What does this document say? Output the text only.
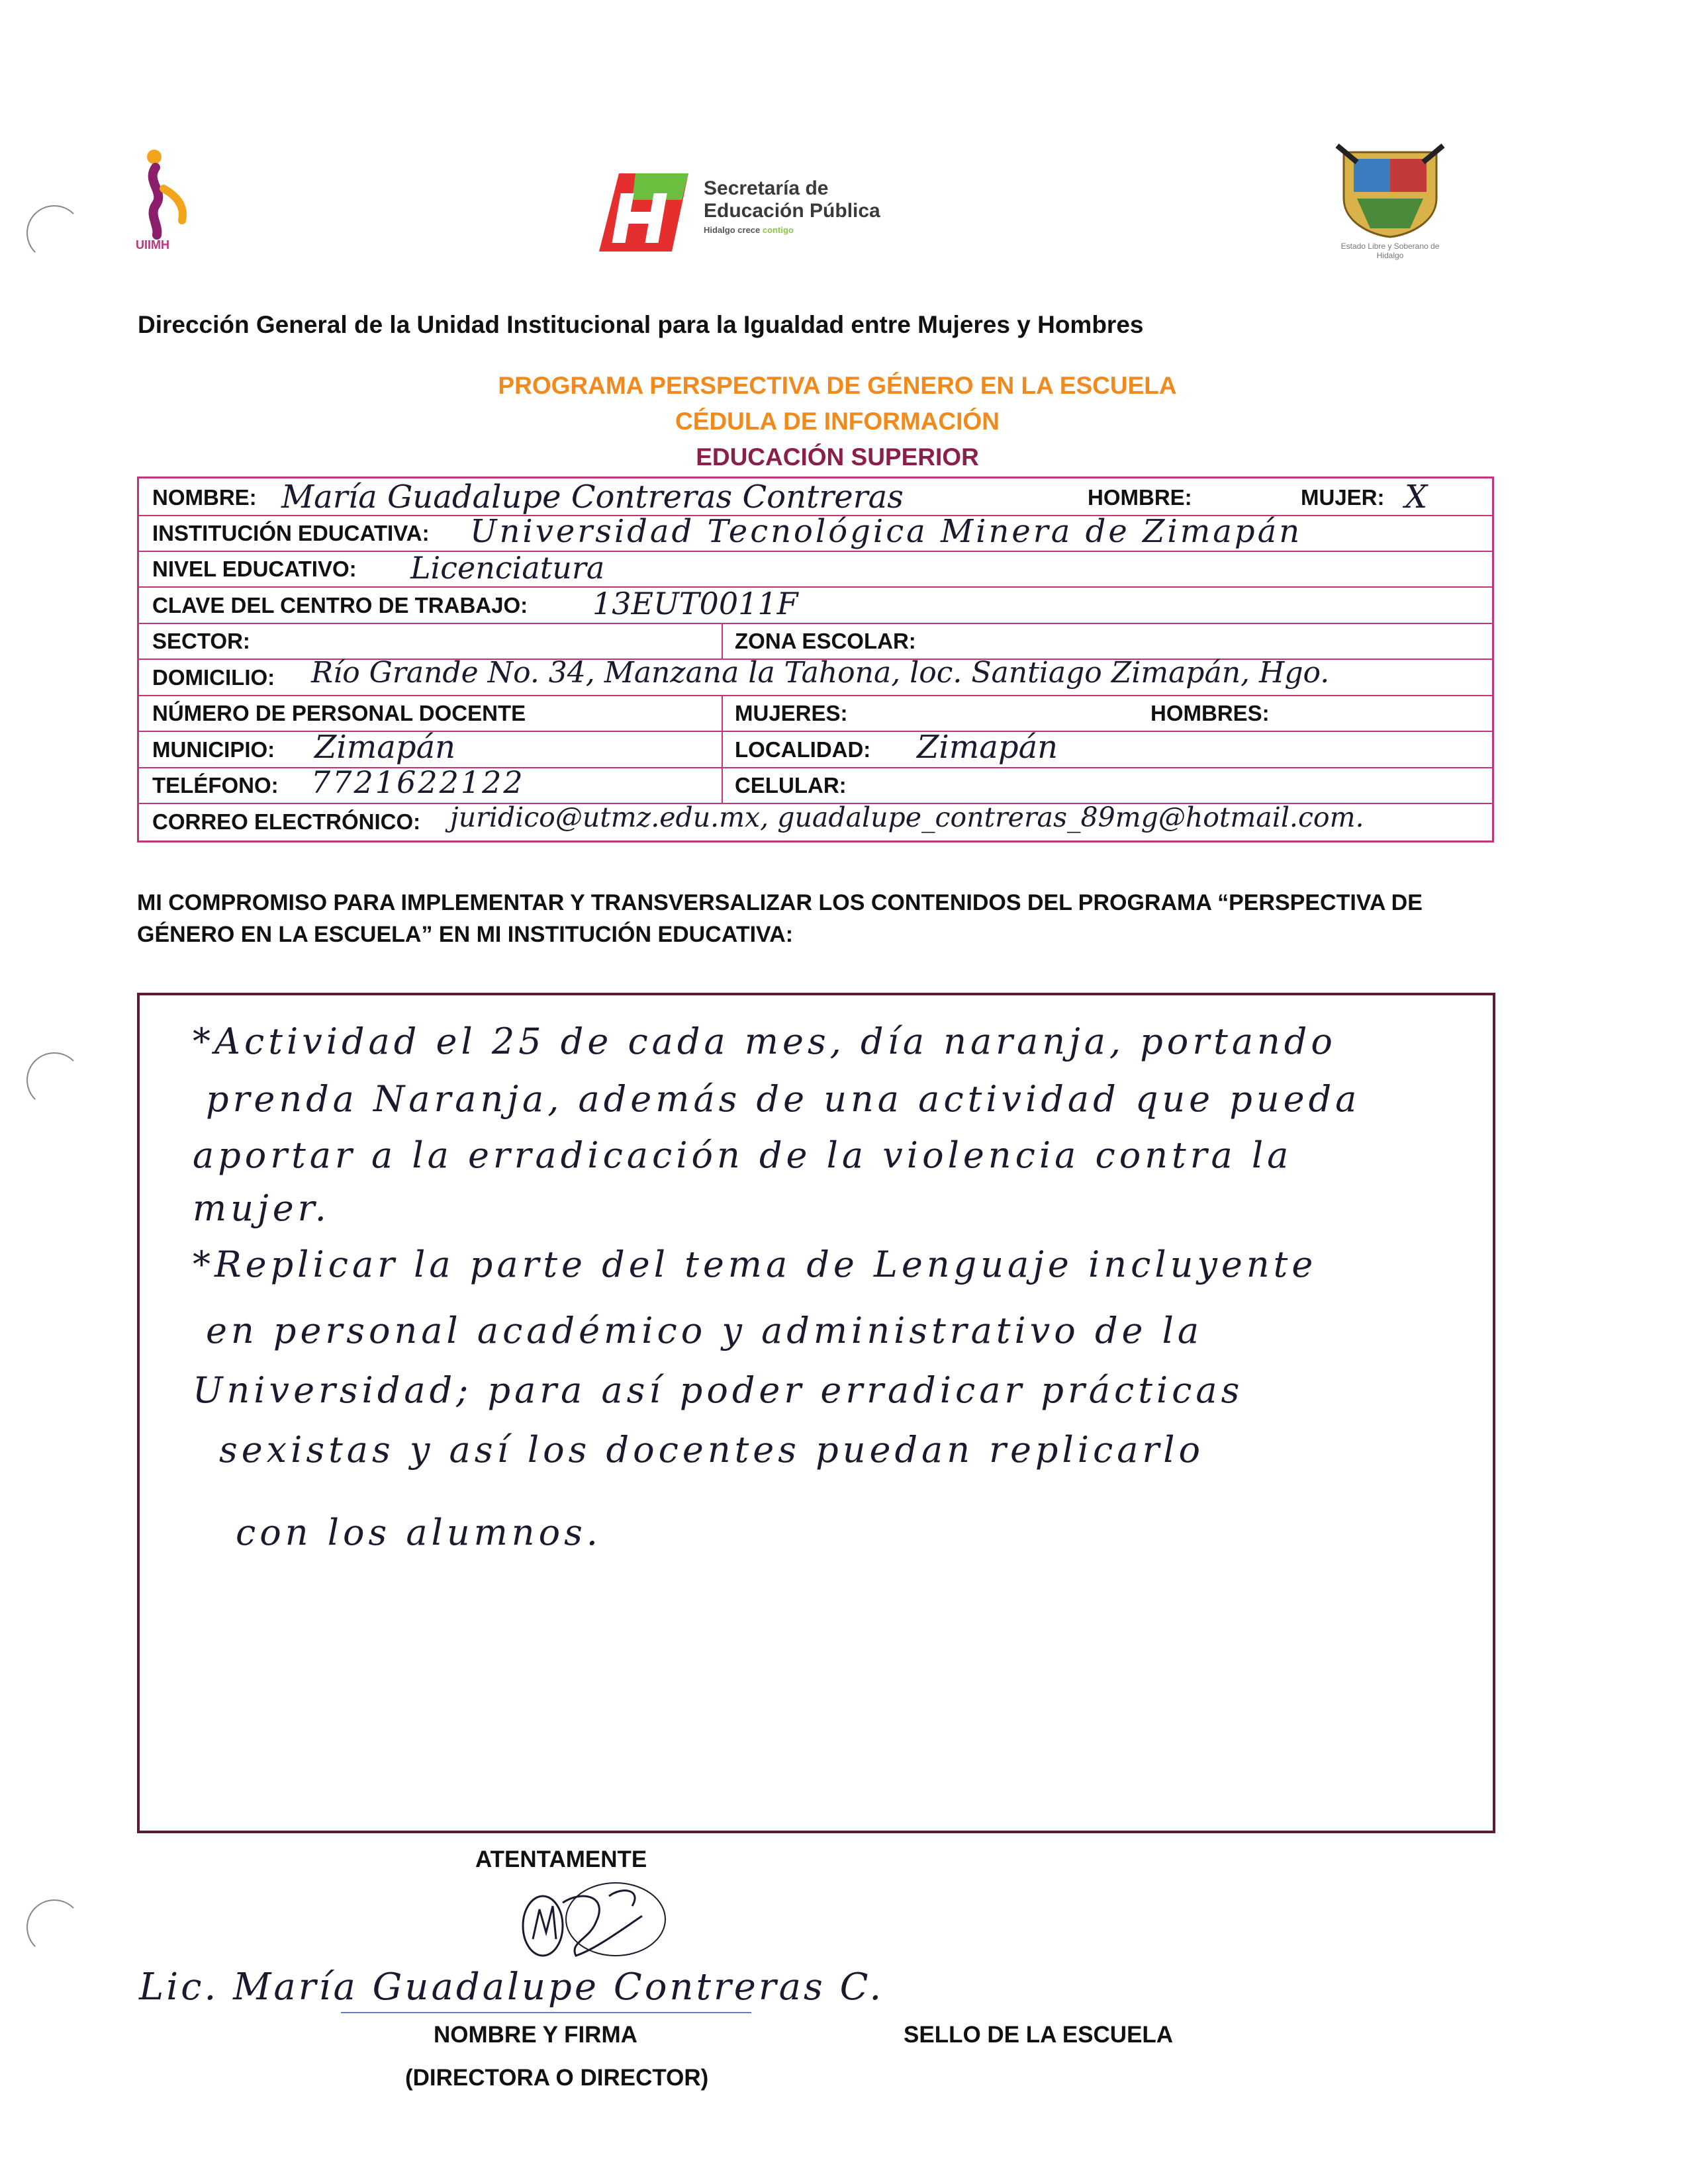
UIIMH
Secretaría de
Educación Pública
Hidalgo crece contigo
Estado Libre y Soberano de Hidalgo
Dirección General de la Unidad Institucional para la Igualdad entre Mujeres y Hombres
PROGRAMA PERSPECTIVA DE GÉNERO EN LA ESCUELA
CÉDULA DE INFORMACIÓN
EDUCACIÓN SUPERIOR
NOMBRE: María Guadalupe Contreras Contreras	HOMBRE:	MUJER: X
INSTITUCIÓN EDUCATIVA: Universidad Tecnológica Minera de Zimapán
NIVEL EDUCATIVO: Licenciatura
CLAVE DEL CENTRO DE TRABAJO: 13EUT0011F
SECTOR:	ZONA ESCOLAR:
DOMICILIO: Río Grande No. 34, Manzana la Tahona, loc. Santiago Zimapán, Hgo.
NÚMERO DE PERSONAL DOCENTE	MUJERES:	HOMBRES:
MUNICIPIO: Zimapán	LOCALIDAD: Zimapán
TELÉFONO: 7721622122	CELULAR:
CORREO ELECTRÓNICO: juridico@utmz.edu.mx, guadalupe_contreras_89mg@hotmail.com.
MI COMPROMISO PARA IMPLEMENTAR Y TRANSVERSALIZAR LOS CONTENIDOS DEL PROGRAMA “PERSPECTIVA DE GÉNERO EN LA ESCUELA” EN MI INSTITUCIÓN EDUCATIVA:
*Actividad el 25 de cada mes, día naranja, portando
prenda Naranja, además de una actividad que pueda
aportar a la erradicación de la violencia contra la
mujer.
*Replicar la parte del tema de Lenguaje incluyente
en personal académico y administrativo de la
Universidad; para así poder erradicar prácticas
sexistas y así los docentes puedan replicarlo
con los alumnos.
ATENTAMENTE
Lic. María Guadalupe Contreras C.
NOMBRE Y FIRMA
(DIRECTORA O DIRECTOR)
SELLO DE LA ESCUELA
